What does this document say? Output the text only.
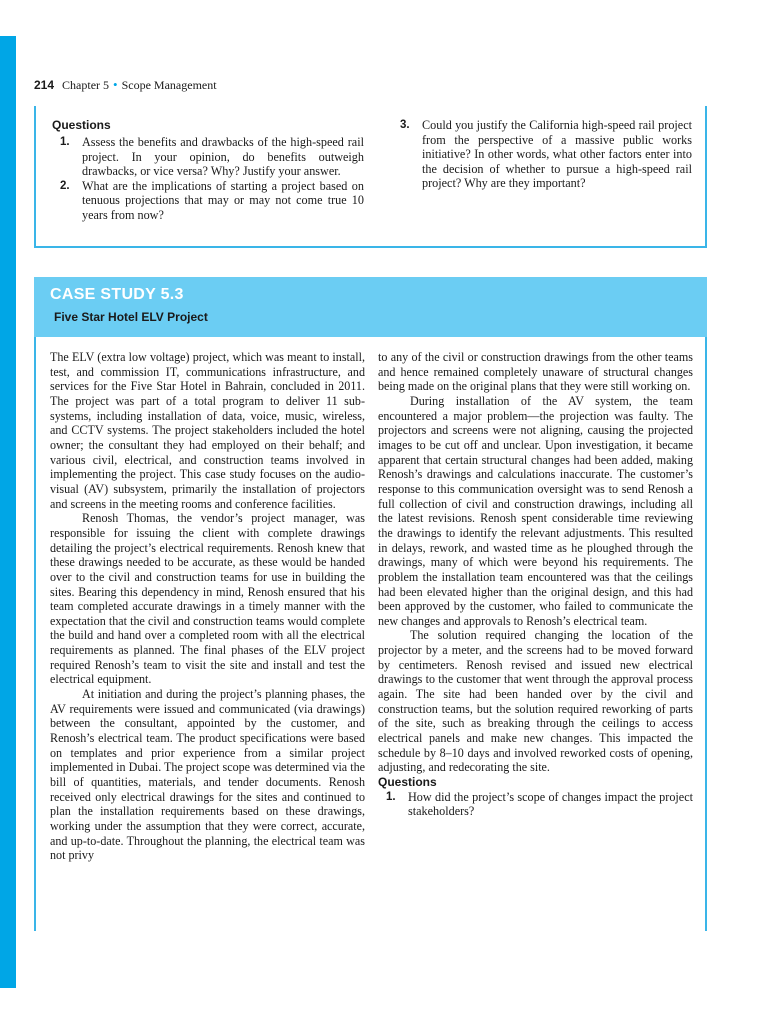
214 Chapter 5 • Scope Management

Questions

1. Assess the benefits and drawbacks of the high-speed rail project. In your opinion, do benefits outweigh drawbacks, or vice versa? Why? Justify your answer.

2. What are the implications of starting a project based on tenuous projections that may or may not come true 10 years from now?

3. Could you justify the California high-speed rail project from the perspective of a massive public works initiative? In other words, what other factors enter into the decision of whether to pursue a high-speed rail project? Why are they important?

CASE STUDY 5.3
Five Star Hotel ELV Project

The ELV (extra low voltage) project, which was meant to install, test, and commission IT, communications infrastructure, and services for the Five Star Hotel in Bahrain, concluded in 2011. The project was part of a total program to deliver 11 sub-systems, including installation of data, voice, music, wireless, and CCTV systems. The project stakeholders included the hotel owner; the consultant they had employed on their behalf; and various civil, electrical, and construction teams involved in implementing the project. This case study focuses on the audio-visual (AV) subsystem, primarily the installation of projectors and screens in the meeting rooms and conference facilities.

Renosh Thomas, the vendor’s project manager, was responsible for issuing the client with complete drawings detailing the project’s electrical requirements. Renosh knew that these drawings needed to be accurate, as these would be handed over to the civil and construction teams for use in building the sites. Bearing this dependency in mind, Renosh ensured that his team completed accurate drawings in a timely manner with the expectation that the civil and construction teams would complete the build and hand over a completed room with all the electrical requirements as planned. The final phases of the ELV project required Renosh’s team to visit the site and install and test the electrical equipment.

At initiation and during the project’s planning phases, the AV requirements were issued and communicated (via drawings) between the consultant, appointed by the customer, and Renosh’s electrical team. The product specifications were based on templates and prior experience from a similar project implemented in Dubai. The project scope was determined via the bill of quantities, materials, and tender documents. Renosh received only electrical drawings for the sites and continued to plan the installation requirements based on these drawings, working under the assumption that they were correct, accurate, and up-to-date. Throughout the planning, the electrical team was not privy

to any of the civil or construction drawings from the other teams and hence remained completely unaware of structural changes being made on the original plans that they were still working on.

During installation of the AV system, the team encountered a major problem—the projection was faulty. The projectors and screens were not aligning, causing the projected images to be cut off and unclear. Upon investigation, it became apparent that certain structural changes had been added, making Renosh’s drawings and calculations inaccurate. The customer’s response to this communication oversight was to send Renosh a full collection of civil and construction drawings, including all the latest revisions. Renosh spent considerable time reviewing the drawings to identify the relevant adjustments. This resulted in delays, rework, and wasted time as he ploughed through the drawings, many of which were beyond his requirements. The problem the installation team encountered was that the ceilings had been elevated higher than the original design, and this had been approved by the customer, who failed to communicate the new changes and approvals to Renosh’s electrical team.

The solution required changing the location of the projector by a meter, and the screens had to be moved forward by centimeters. Renosh revised and issued new electrical drawings to the customer that went through the approval process again. The site had been handed over by the civil and construction teams, but the solution required reworking of parts of the site, such as breaking through the ceilings to access electrical panels and make new changes. This impacted the schedule by 8–10 days and involved reworked costs of opening, adjusting, and redecorating the site.

Questions

1. How did the project’s scope of changes impact the project stakeholders?
